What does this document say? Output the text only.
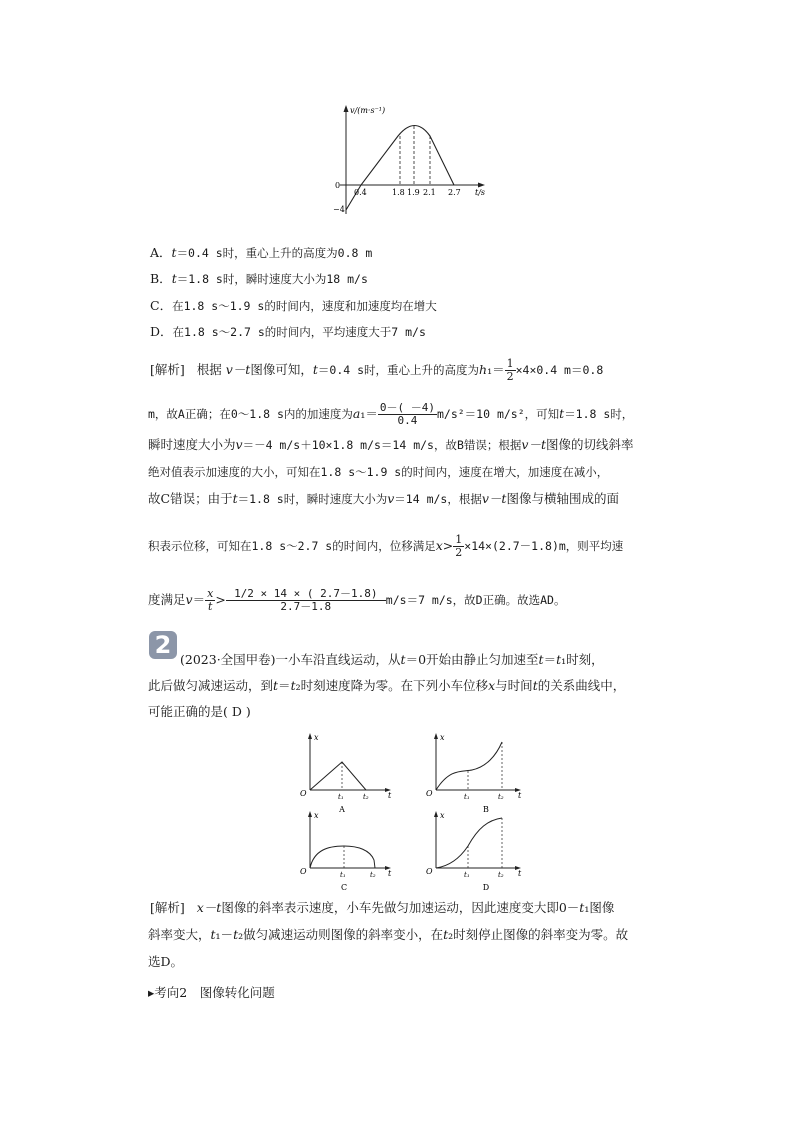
v/(m·s⁻¹)
t/s
0
−4
0.4	1.8 1.9 2.1 2.7
A．t＝0.4 s时，重心上升的高度为0.8 m
B．t＝1.8 s时，瞬时速度大小为18 m/s
C．在1.8 s～1.9 s的时间内，速度和加速度均在增大
D．在1.8 s～2.7 s的时间内，平均速度大于7 m/s
[解析] 根据 v－t图像可知，t＝0.4 s时，重心上升的高度为$h_1= \frac{1}{2} \times 4\times 0.4$ m＝0.8
m，故A正确；在0～1.8 s内的加速度为$a_1= \frac{0-( -4)}{0.4} m/s^2=10$ m/s²，可知t＝1.8 s时，
瞬时速度大小为v＝－4 m/s＋10×1.8 m/s＝14 m/s，故B错误；根据v－t图像的切线斜率
绝对值表示加速度的大小，可知在1.8 s～1.9 s的时间内，速度在增大，加速度在减小，
故C错误；由于t＝1.8 s时，瞬时速度大小为v＝14 m/s，根据v－t图像与横轴围成的面
积表示位移，可知在1.8 s～2.7 s的时间内，位移满足$x> \frac{1}{2} \times 14\times(2.7-1.8)m$，则平均速
度满足$v= \frac{x}{t} > \frac{1/2 \times 14 \times ( 2.7-1.8)}{2.7-1.8} m/s=7$ m/s，故D正确。故选AD。
2
(2023·全国甲卷)一小车沿直线运动，从t＝0开始由静止匀加速至t＝t₁时刻，
此后做匀减速运动，到t＝t₂时刻速度降为零。在下列小车位移x与时间t的关系曲线中，
可能正确的是( D )
x
t
O	t₁	t₂
A
x
t
O	t₁	t₂
B
x
t
O	t₁	t₂
C
x
t
O	t₁	t₂
D
[解析] x－t图像的斜率表示速度，小车先做匀加速运动，因此速度变大即0－t₁图像
斜率变大，t₁－t₂做匀减速运动则图像的斜率变小，在t₂时刻停止图像的斜率变为零。故
选D。
▸考向2　图像转化问题
